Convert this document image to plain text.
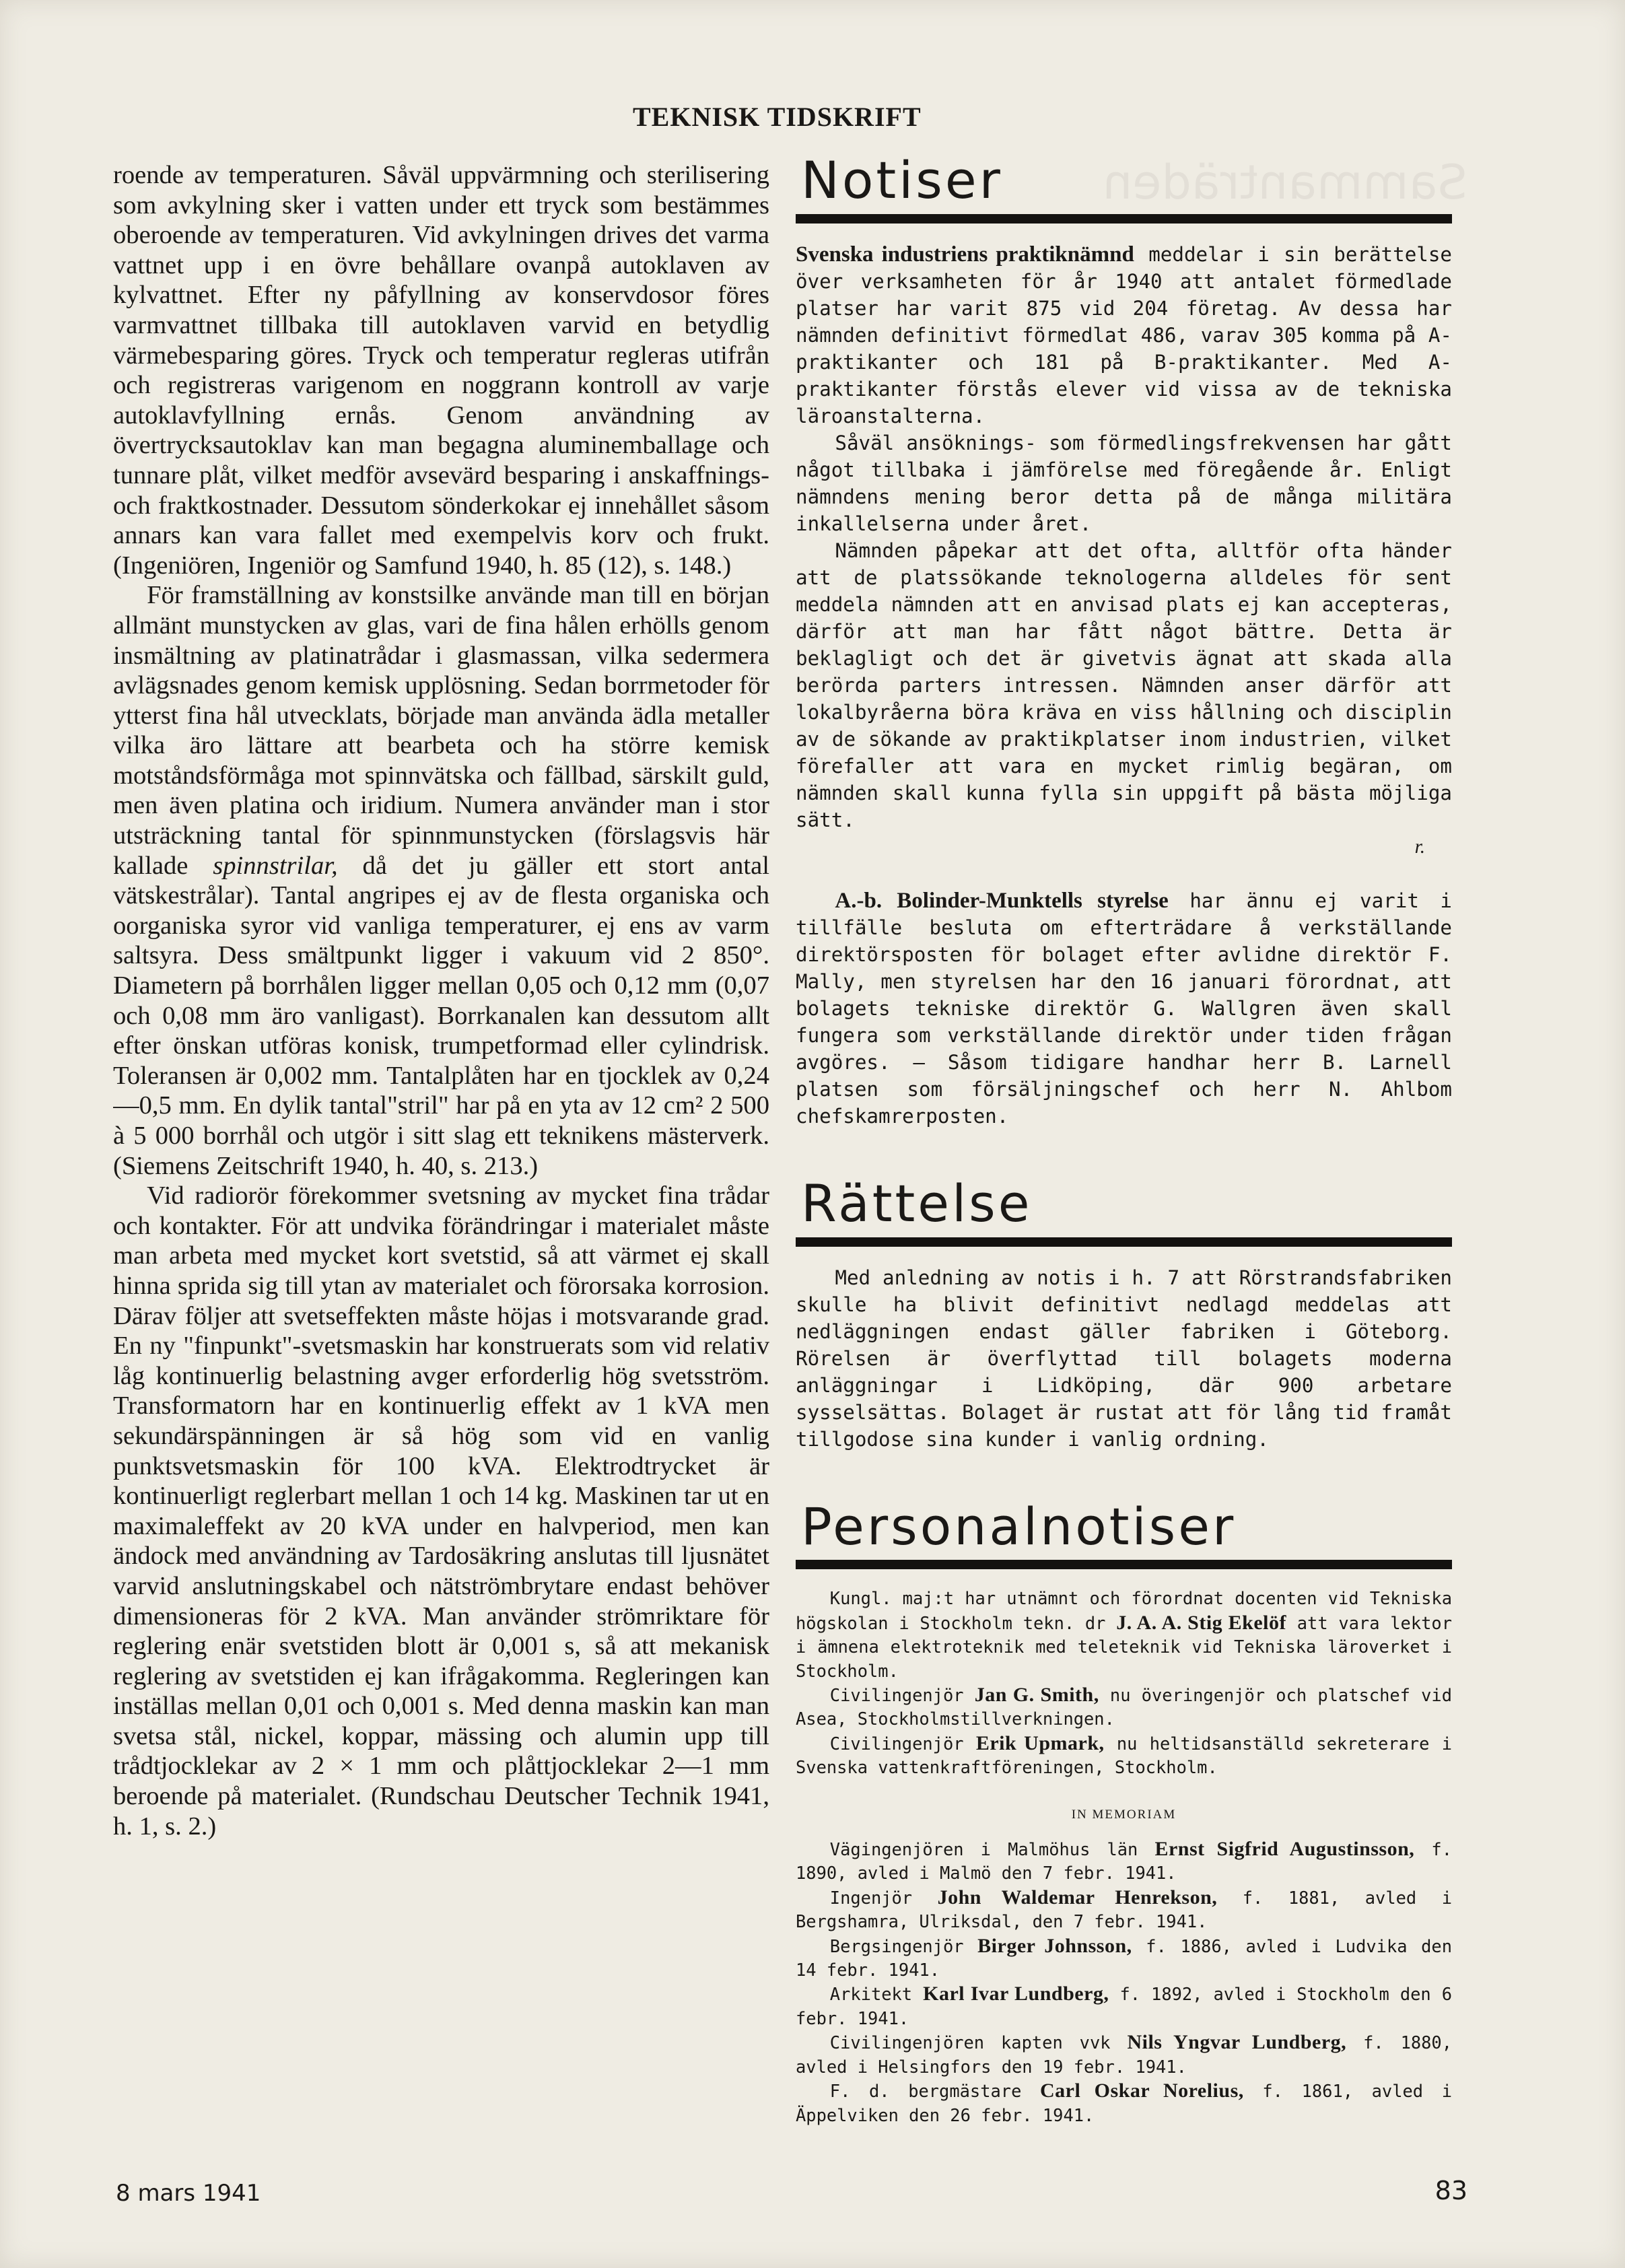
Sammanträden
TEKNISK TIDSKRIFT

roende av temperaturen. Såväl uppvärmning och sterilisering som avkylning sker i vatten under ett tryck som bestämmes oberoende av temperaturen. Vid avkylningen drives det varma vattnet upp i en övre behållare ovanpå autoklaven av kylvattnet. Efter ny påfyllning av konservdosor föres varmvattnet tillbaka till autoklaven varvid en betydlig värmebesparing göres. Tryck och temperatur regleras utifrån och registreras varigenom en noggrann kontroll av varje autoklavfyllning ernås. Genom användning av övertrycksautoklav kan man begagna aluminemballage och tunnare plåt, vilket medför avsevärd besparing i anskaffnings- och fraktkostnader. Dessutom sönderkokar ej innehållet såsom annars kan vara fallet med exempelvis korv och frukt. (Ingeniören, Ingeniör og Samfund 1940, h. 85 (12), s. 148.)

För framställning av konstsilke använde man till en början allmänt munstycken av glas, vari de fina hålen erhölls genom insmältning av platinatrådar i glasmassan, vilka sedermera avlägsnades genom kemisk upplösning. Sedan borrmetoder för ytterst fina hål utvecklats, började man använda ädla metaller vilka äro lättare att bearbeta och ha större kemisk motståndsförmåga mot spinnvätska och fällbad, särskilt guld, men även platina och iridium. Numera använder man i stor utsträckning tantal för spinnmunstycken (förslagsvis här kallade spinnstrilar, då det ju gäller ett stort antal vätskestrålar). Tantal angripes ej av de flesta organiska och oorganiska syror vid vanliga temperaturer, ej ens av varm saltsyra. Dess smältpunkt ligger i vakuum vid 2 850°. Diametern på borrhålen ligger mellan 0,05 och 0,12 mm (0,07 och 0,08 mm äro vanligast). Borrkanalen kan dessutom allt efter önskan utföras konisk, trumpetformad eller cylindrisk. Toleransen är 0,002 mm. Tantalplåten har en tjocklek av 0,24—0,5 mm. En dylik tantal"stril" har på en yta av 12 cm² 2 500 à 5 000 borrhål och utgör i sitt slag ett teknikens mästerverk. (Siemens Zeitschrift 1940, h. 40, s. 213.)

Vid radiorör förekommer svetsning av mycket fina trådar och kontakter. För att undvika förändringar i materialet måste man arbeta med mycket kort svetstid, så att värmet ej skall hinna sprida sig till ytan av materialet och förorsaka korrosion. Därav följer att svetseffekten måste höjas i motsvarande grad. En ny "finpunkt"-svetsmaskin har konstruerats som vid relativ låg kontinuerlig belastning avger erforderlig hög svetsström. Transformatorn har en kontinuerlig effekt av 1 kVA men sekundärspänningen är så hög som vid en vanlig punktsvetsmaskin för 100 kVA. Elektrodtrycket är kontinuerligt reglerbart mellan 1 och 14 kg. Maskinen tar ut en maximaleffekt av 20 kVA under en halvperiod, men kan ändock med användning av Tardosäkring anslutas till ljusnätet varvid anslutningskabel och nätströmbrytare endast behöver dimensioneras för 2 kVA. Man använder strömriktare för reglering enär svetstiden blott är 0,001 s, så att mekanisk reglering av svetstiden ej kan ifrågakomma. Regleringen kan inställas mellan 0,01 och 0,001 s. Med denna maskin kan man svetsa stål, nickel, koppar, mässing och alumin upp till trådtjocklekar av 2 × 1 mm och plåttjocklekar 2—1 mm beroende på materialet. (Rundschau Deutscher Technik 1941, h. 1, s. 2.)

Notiser

Svenska industriens praktiknämnd meddelar i sin berättelse över verksamheten för år 1940 att antalet förmedlade platser har varit 875 vid 204 företag. Av dessa har nämnden definitivt förmedlat 486, varav 305 komma på A-praktikanter och 181 på B-praktikanter. Med A-praktikanter förstås elever vid vissa av de tekniska läroanstalterna.

Såväl ansöknings- som förmedlingsfrekvensen har gått något tillbaka i jämförelse med föregående år. Enligt nämndens mening beror detta på de många militära inkallelserna under året.

Nämnden påpekar att det ofta, alltför ofta händer att de platssökande teknologerna alldeles för sent meddela nämnden att en anvisad plats ej kan accepteras, därför att man har fått något bättre. Detta är beklagligt och det är givetvis ägnat att skada alla berörda parters intressen. Nämnden anser därför att lokalbyråerna böra kräva en viss hållning och disciplin av de sökande av praktikplatser inom industrien, vilket förefaller att vara en mycket rimlig begäran, om nämnden skall kunna fylla sin uppgift på bästa möjliga sätt.

r.

A.-b. Bolinder-Munktells styrelse har ännu ej varit i tillfälle besluta om efterträdare å verkställande direktörsposten för bolaget efter avlidne direktör F. Mally, men styrelsen har den 16 januari förordnat, att bolagets tekniske direktör G. Wallgren även skall fungera som verkställande direktör under tiden frågan avgöres. — Såsom tidigare handhar herr B. Larnell platsen som försäljningschef och herr N. Ahlbom chefskamrerposten.

Rättelse

Med anledning av notis i h. 7 att Rörstrandsfabriken skulle ha blivit definitivt nedlagd meddelas att nedläggningen endast gäller fabriken i Göteborg. Rörelsen är överflyttad till bolagets moderna anläggningar i Lidköping, där 900 arbetare sysselsättas. Bolaget är rustat att för lång tid framåt tillgodose sina kunder i vanlig ordning.

Personalnotiser

Kungl. maj:t har utnämnt och förordnat docenten vid Tekniska högskolan i Stockholm tekn. dr J. A. A. Stig Ekelöf att vara lektor i ämnena elektroteknik med teleteknik vid Tekniska läroverket i Stockholm.

Civilingenjör Jan G. Smith, nu överingenjör och platschef vid Asea, Stockholmstillverkningen.

Civilingenjör Erik Upmark, nu heltidsanställd sekreterare i Svenska vattenkraftföreningen, Stockholm.

IN MEMORIAM

Vägingenjören i Malmöhus län Ernst Sigfrid Augustinsson, f. 1890, avled i Malmö den 7 febr. 1941.

Ingenjör John Waldemar Henrekson, f. 1881, avled i Bergshamra, Ulriksdal, den 7 febr. 1941.

Bergsingenjör Birger Johnsson, f. 1886, avled i Ludvika den 14 febr. 1941.

Arkitekt Karl Ivar Lundberg, f. 1892, avled i Stockholm den 6 febr. 1941.

Civilingenjören kapten vvk Nils Yngvar Lundberg, f. 1880, avled i Helsingfors den 19 febr. 1941.

F. d. bergmästare Carl Oskar Norelius, f. 1861, avled i Äppelviken den 26 febr. 1941.

8 mars 1941	83
